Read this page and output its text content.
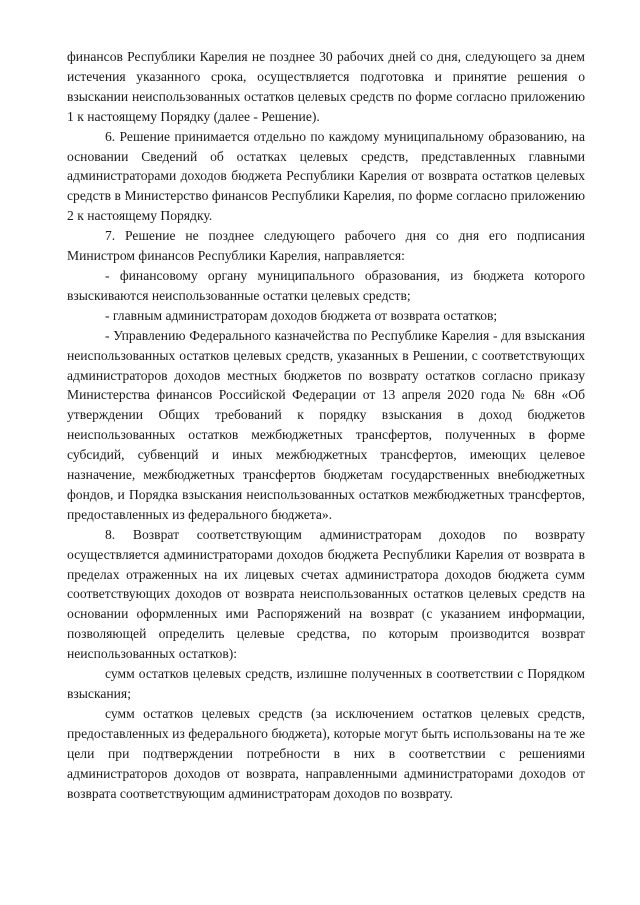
финансов Республики Карелия не позднее 30 рабочих дней со дня, следующего за днем истечения указанного срока, осуществляется подготовка и принятие решения о взыскании неиспользованных остатков целевых средств по форме согласно приложению 1 к настоящему Порядку (далее - Решение).

6. Решение принимается отдельно по каждому муниципальному образованию, на основании Сведений об остатках целевых средств, представленных главными администраторами доходов бюджета Республики Карелия от возврата остатков целевых средств в Министерство финансов Республики Карелия, по форме согласно приложению 2 к настоящему Порядку.

7. Решение не позднее следующего рабочего дня со дня его подписания Министром финансов Республики Карелия, направляется:

- финансовому органу муниципального образования, из бюджета которого взыскиваются неиспользованные остатки целевых средств;

- главным администраторам доходов бюджета от возврата остатков;

- Управлению Федерального казначейства по Республике Карелия - для взыскания неиспользованных остатков целевых средств, указанных в Решении, с соответствующих администраторов доходов местных бюджетов по возврату остатков согласно приказу Министерства финансов Российской Федерации от 13 апреля 2020 года № 68н «Об утверждении Общих требований к порядку взыскания в доход бюджетов неиспользованных остатков межбюджетных трансфертов, полученных в форме субсидий, субвенций и иных межбюджетных трансфертов, имеющих целевое назначение, межбюджетных трансфертов бюджетам государственных внебюджетных фондов, и Порядка взыскания неиспользованных остатков межбюджетных трансфертов, предоставленных из федерального бюджета».

8. Возврат соответствующим администраторам доходов по возврату осуществляется администраторами доходов бюджета Республики Карелия от возврата в пределах отраженных на их лицевых счетах администратора доходов бюджета сумм соответствующих доходов от возврата неиспользованных остатков целевых средств на основании оформленных ими Распоряжений на возврат (с указанием информации, позволяющей определить целевые средства, по которым производится возврат неиспользованных остатков):

сумм остатков целевых средств, излишне полученных в соответствии с Порядком взыскания;

сумм остатков целевых средств (за исключением остатков целевых средств, предоставленных из федерального бюджета), которые могут быть использованы на те же цели при подтверждении потребности в них в соответствии с решениями администраторов доходов от возврата, направленными администраторами доходов от возврата соответствующим администраторам доходов по возврату.
